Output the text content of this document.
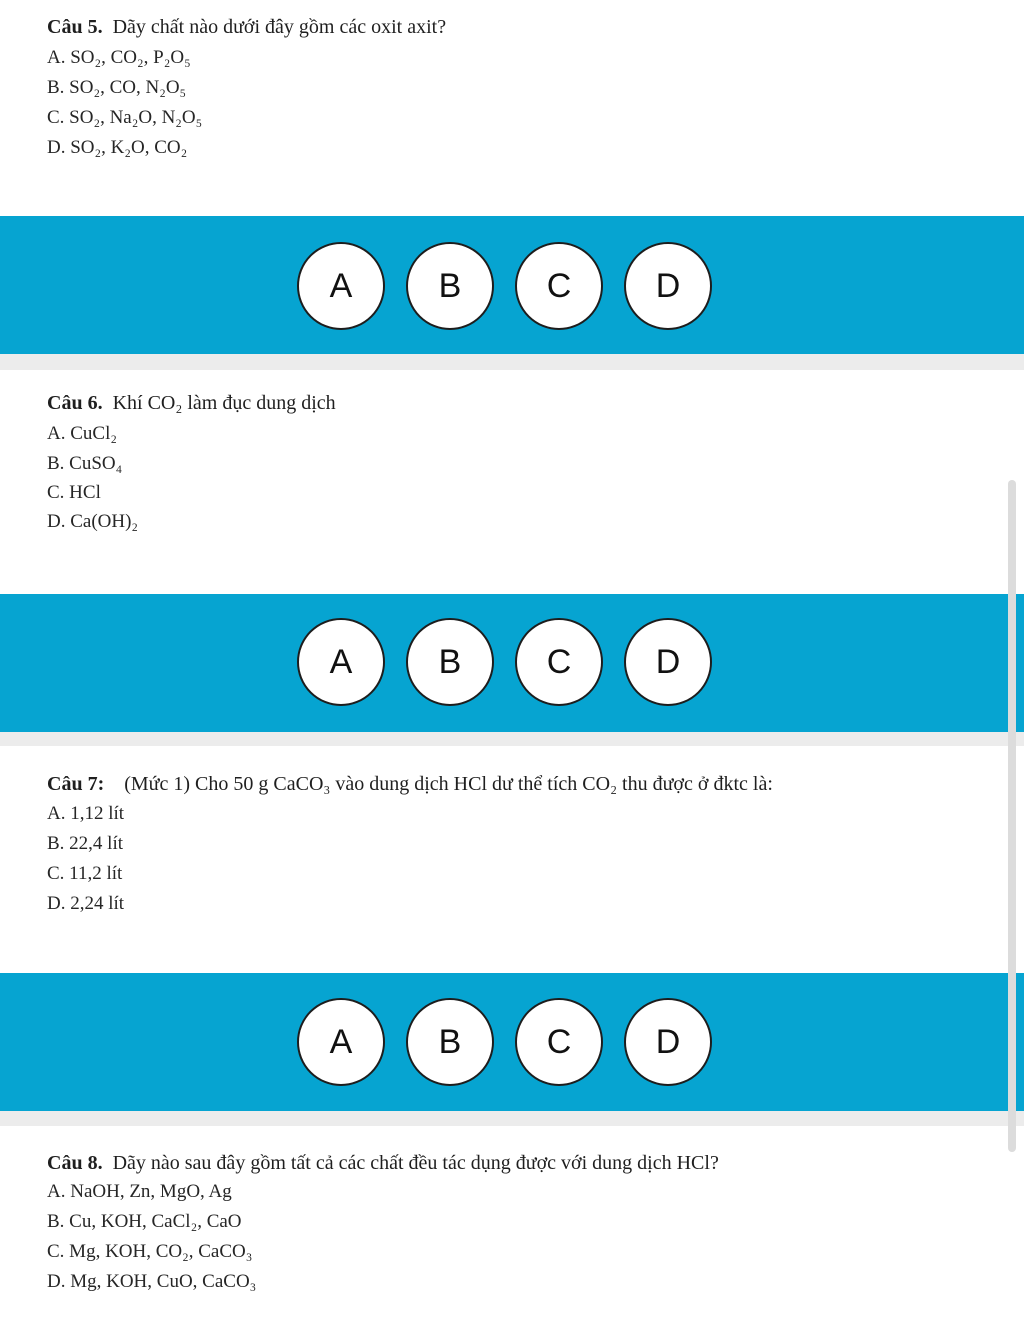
Câu 5. Dãy chất nào dưới đây gồm các oxit axit?
A. SO₂, CO₂, P₂O₅
B. SO₂, CO, N₂O₅
C. SO₂, Na₂O, N₂O₅
D. SO₂, K₂O, CO₂
A	B	C	D
Câu 6. Khí CO₂ làm đục dung dịch
A. CuCl₂
B. CuSO₄
C. HCl
D. Ca(OH)₂
A	B	C	D
Câu 7: (Mức 1) Cho 50 g CaCO₃ vào dung dịch HCl dư thể tích CO₂ thu được ở đktc là:
A. 1,12 lít
B. 22,4 lít
C. 11,2 lít
D. 2,24 lít
A	B	C	D
Câu 8. Dãy nào sau đây gồm tất cả các chất đều tác dụng được với dung dịch HCl?
A. NaOH, Zn, MgO, Ag
B. Cu, KOH, CaCl₂, CaO
C. Mg, KOH, CO₂, CaCO₃
D. Mg, KOH, CuO, CaCO₃
